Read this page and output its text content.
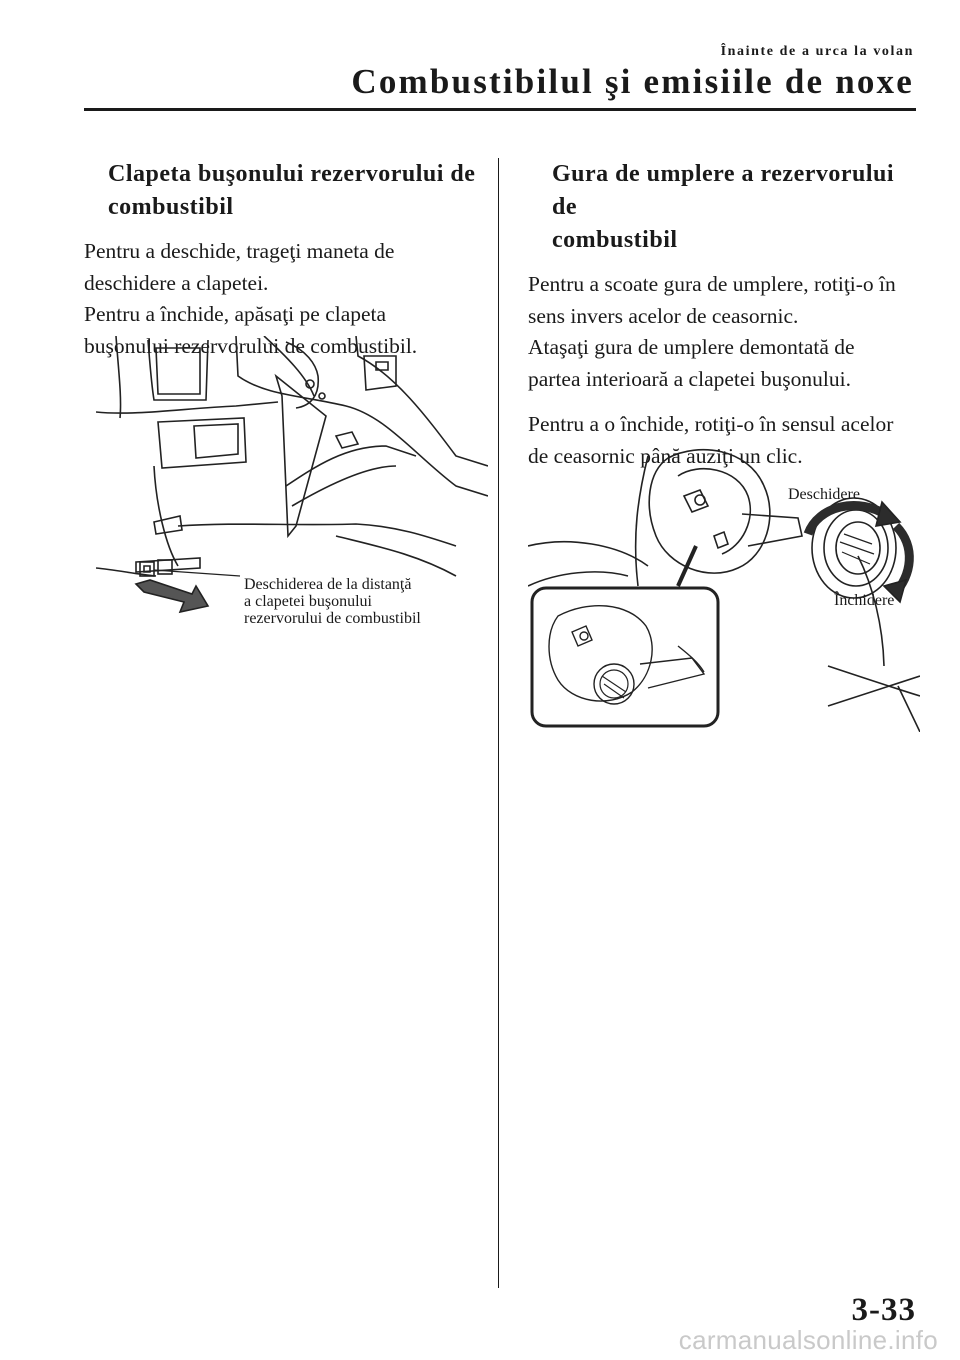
Înainte de a urca la volan
Combustibilul şi emisiile de noxe
Clapeta buşonului rezervorului de
combustibil

Pentru a deschide, trageţi maneta de
deschidere a clapetei.

Pentru a închide, apăsaţi pe clapeta
buşonului rezervorului de combustibil.

Deschiderea de la distanţă
a clapetei buşonului
rezervorului de combustibil
Gura de umplere a rezervorului de
combustibil

Pentru a scoate gura de umplere, rotiţi-o în
sens invers acelor de ceasornic.

Ataşaţi gura de umplere demontată de
partea interioară a clapetei buşonului.

Pentru a o închide, rotiţi-o în sensul acelor
de ceasornic până auziţi un clic.

Deschidere
Închidere
3-33
carmanualsonline.info
